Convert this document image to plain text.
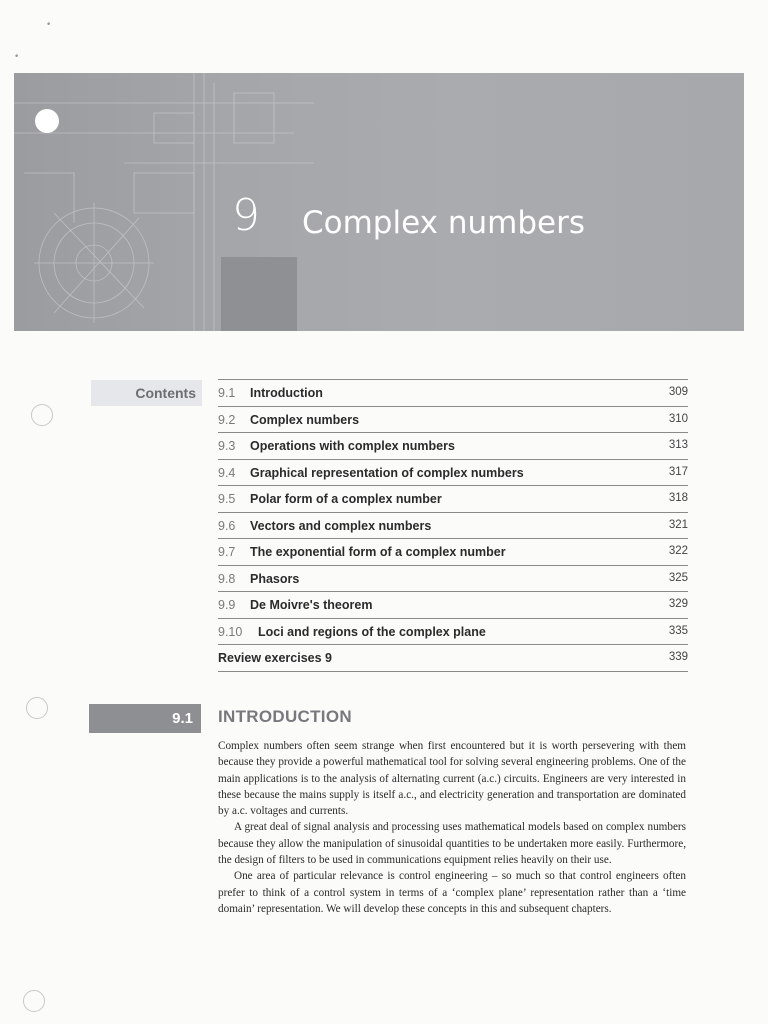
•
•
9 Complex numbers
Contents	9.1 Introduction	309
9.2 Complex numbers	310
9.3 Operations with complex numbers	313
9.4 Graphical representation of complex numbers	317
9.5 Polar form of a complex number	318
9.6 Vectors and complex numbers	321
9.7 The exponential form of a complex number	322
9.8 Phasors	325
9.9 De Moivre's theorem	329
9.10 Loci and regions of the complex plane	335
Review exercises 9	339
9.1	INTRODUCTION

Complex numbers often seem strange when first encountered but it is worth persevering with them because they provide a powerful mathematical tool for solving several engineering problems. One of the main applications is to the analysis of alternating current (a.c.) circuits. Engineers are very interested in these because the mains supply is itself a.c., and electricity generation and transportation are dominated by a.c. voltages and currents.

A great deal of signal analysis and processing uses mathematical models based on complex numbers because they allow the manipulation of sinusoidal quantities to be undertaken more easily. Furthermore, the design of filters to be used in communications equipment relies heavily on their use.

One area of particular relevance is control engineering – so much so that control engineers often prefer to think of a control system in terms of a ‘complex plane’ representation rather than a ‘time domain’ representation. We will develop these concepts in this and subsequent chapters.
